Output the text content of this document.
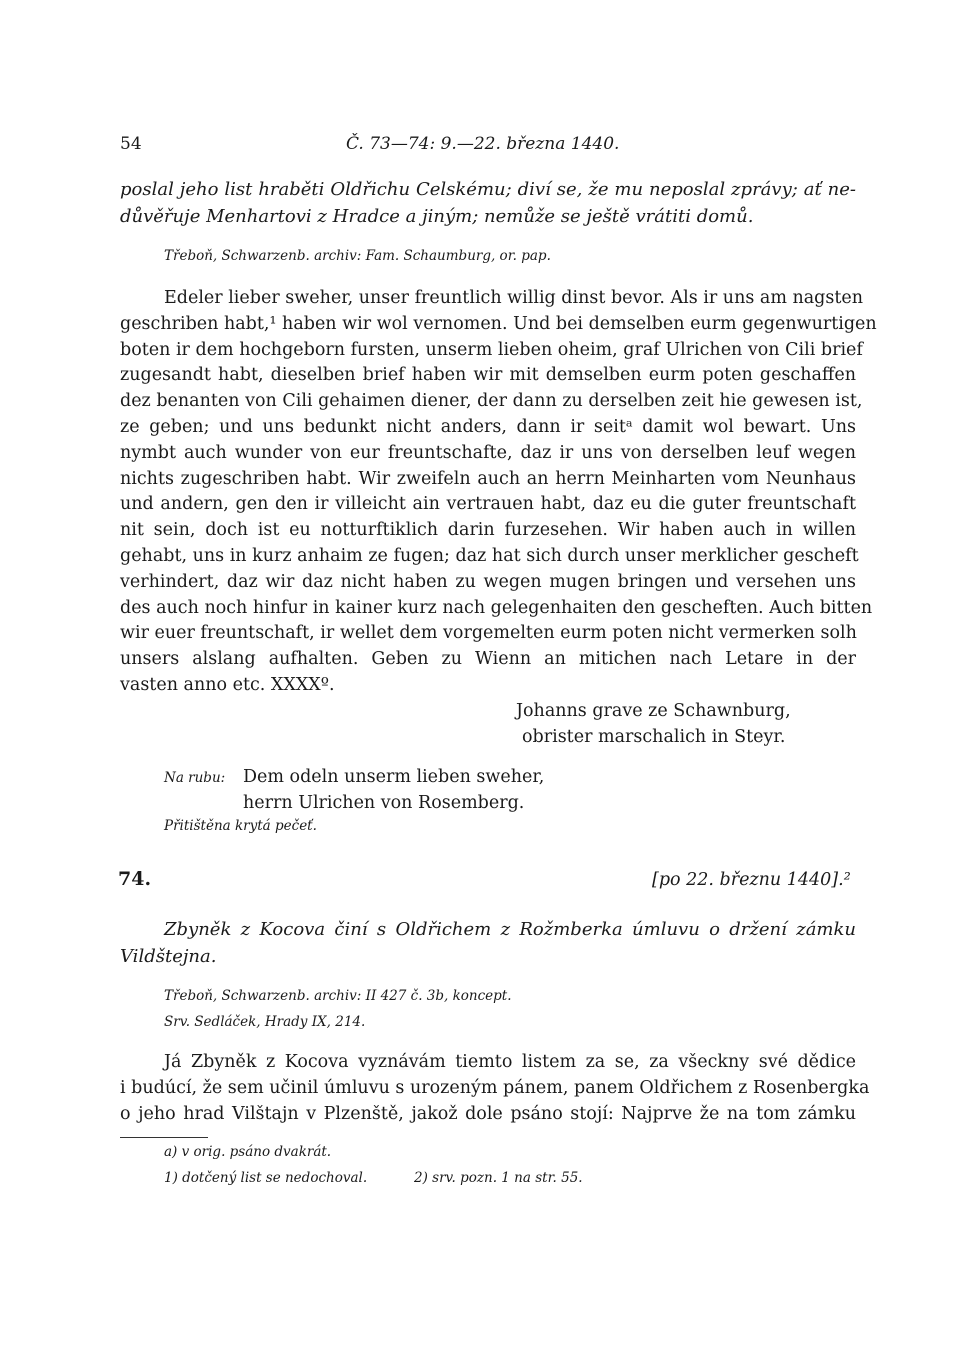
54	Č. 73—74: 9.—22. března 1440.
poslal jeho list hraběti Oldřichu Celskému; diví se, že mu neposlal zprávy; ať ne-
důvěřuje Menhartovi z Hradce a jiným; nemůže se ještě vrátiti domů.
Třeboň, Schwarzenb. archiv: Fam. Schaumburg, or. pap.
Edeler lieber sweher, unser freuntlich willig dinst bevor. Als ir uns am nagsten
geschriben habt,¹ haben wir wol vernomen. Und bei demselben eurm gegenwurtigen
boten ir dem hochgeborn fursten, unserm lieben oheim, graf Ulrichen von Cili brief
zugesandt habt, dieselben brief haben wir mit demselben eurm poten geschaffen
dez benanten von Cili gehaimen diener, der dann zu derselben zeit hie gewesen ist,
ze geben; und uns bedunkt nicht anders, dann ir seitᵃ damit wol bewart. Uns
nymbt auch wunder von eur freuntschafte, daz ir uns von derselben leuf wegen
nichts zugeschriben habt. Wir zweifeln auch an herrn Meinharten vom Neunhaus
und andern, gen den ir villeicht ain vertrauen habt, daz eu die guter freuntschaft
nit sein, doch ist eu notturftiklich darin furzesehen. Wir haben auch in willen
gehabt, uns in kurz anhaim ze fugen; daz hat sich durch unser merklicher gescheft
verhindert, daz wir daz nicht haben zu wegen mugen bringen und versehen uns
des auch noch hinfur in kainer kurz nach gelegenhaiten den gescheften. Auch bitten
wir euer freuntschaft, ir wellet dem vorgemelten eurm poten nicht vermerken solh
unsers alslang aufhalten. Geben zu Wienn an mitichen nach Letare in der
vasten anno etc. XXXXº.
Johanns grave ze Schawnburg,
obrister marschalich in Steyr.
Na rubu: Dem odeln unserm lieben sweher,
herrn Ulrichen von Rosemberg.
Přitištěna krytá pečeť.
74.	[po 22. březnu 1440].²
Zbyněk z Kocova činí s Oldřichem z Rožmberka úmluvu o držení zámku
Vildštejna.
Třeboň, Schwarzenb. archiv: II 427 č. 3b, koncept.
Srv. Sedláček, Hrady IX, 214.
Já Zbyněk z Kocova vyznávám tiemto listem za se, za všeckny své dědice
i budúcí, že sem učinil úmluvu s urozeným pánem, panem Oldřichem z Rosenbergka
o jeho hrad Vilštajn v Plzenště, jakož dole psáno stojí: Najprve že na tom zámku
a) v orig. psáno dvakrát.
1) dotčený list se nedochoval.	2) srv. pozn. 1 na str. 55.
